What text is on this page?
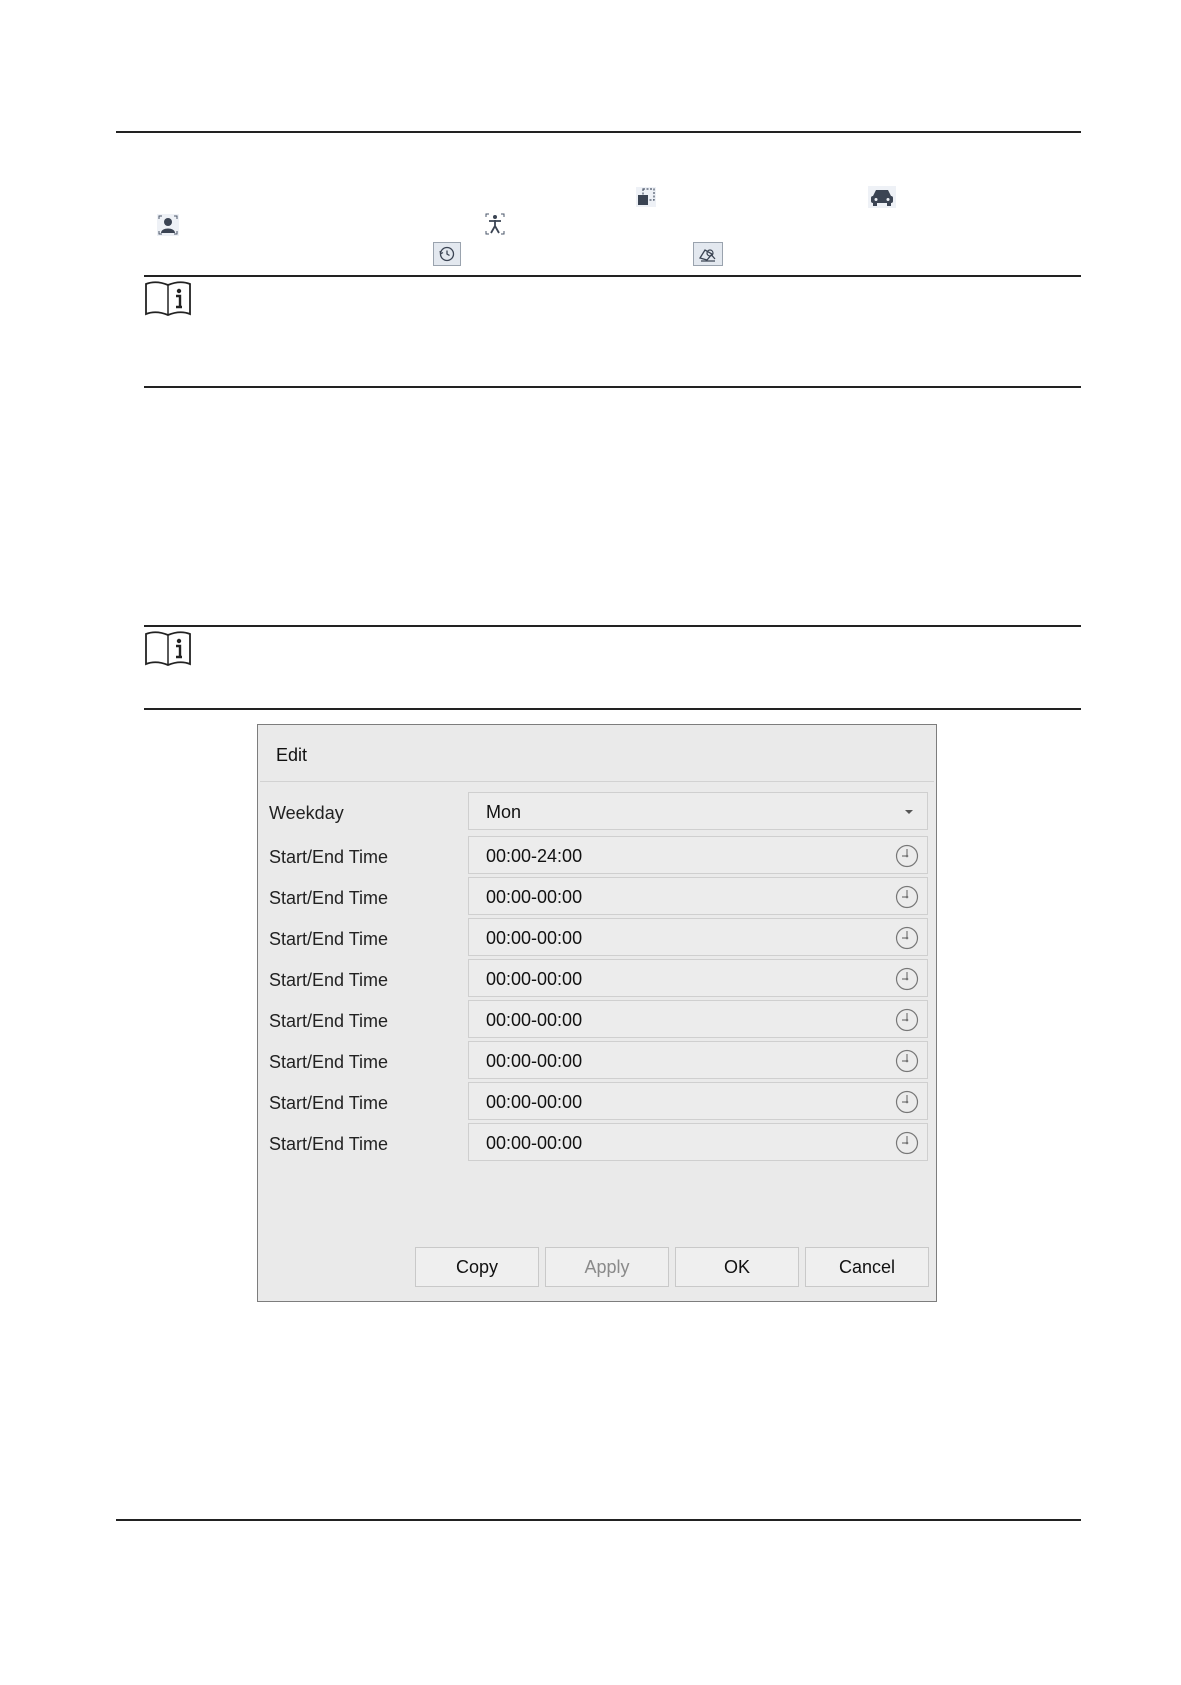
Edit
Weekday	Mon
Start/End Time	00:00-24:00
Start/End Time	00:00-00:00
Start/End Time	00:00-00:00
Start/End Time	00:00-00:00
Start/End Time	00:00-00:00
Start/End Time	00:00-00:00
Start/End Time	00:00-00:00
Start/End Time	00:00-00:00
Copy	Apply	OK	Cancel
